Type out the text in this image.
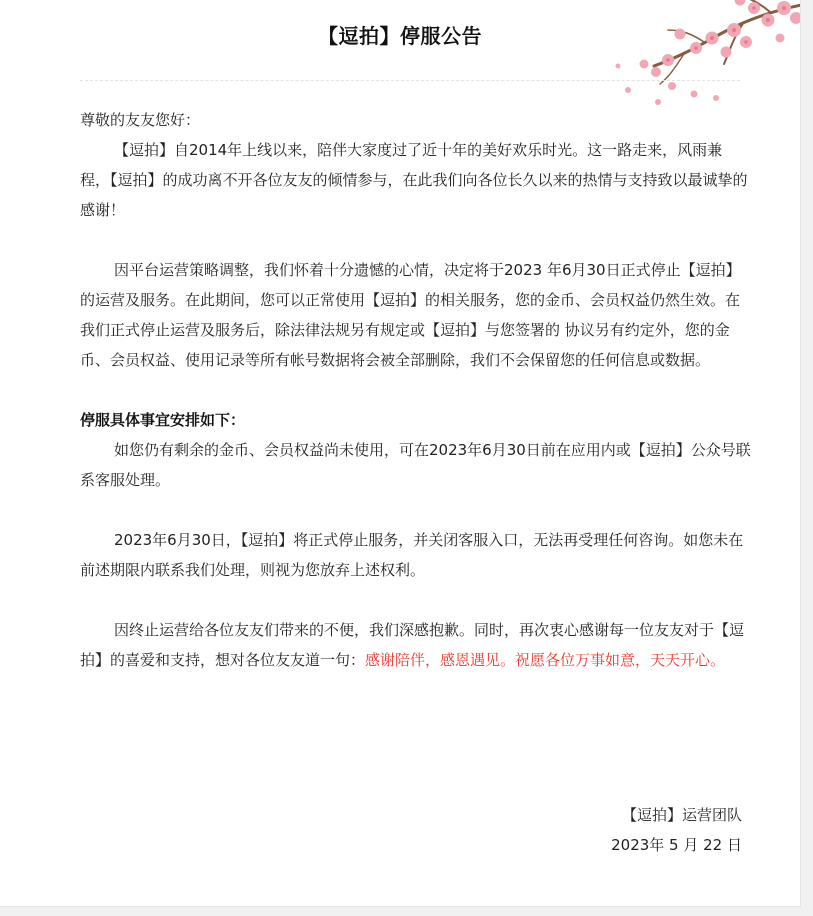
【逗拍】停服公告

尊敬的友友您好：

【逗拍】自2014年上线以来，陪伴大家度过了近十年的美好欢乐时光。这一路走来，风雨兼程，【逗拍】的成功离不开各位友友的倾情参与，在此我们向各位长久以来的热情与支持致以最诚挚的感谢！

因平台运营策略调整，我们怀着十分遗憾的心情，决定将于2023 年6月30日正式停止【逗拍】的运营及服务。在此期间，您可以正常使用【逗拍】的相关服务，您的金币、会员权益仍然生效。在我们正式停止运营及服务后，除法律法规另有规定或【逗拍】与您签署的 协议另有约定外，您的金币、会员权益、使用记录等所有帐号数据将会被全部删除，我们不会保留您的任何信息或数据。

停服具体事宜安排如下：

如您仍有剩余的金币、会员权益尚未使用，可在2023年6月30日前在应用内或【逗拍】公众号联系客服处理。

2023年6月30日，【逗拍】将正式停止服务，并关闭客服入口，无法再受理任何咨询。如您未在前述期限内联系我们处理，则视为您放弃上述权利。

因终止运营给各位友友们带来的不便，我们深感抱歉。同时，再次衷心感谢每一位友友对于【逗拍】的喜爱和支持，想对各位友友道一句：感谢陪伴，感恩遇见。祝愿各位万事如意，天天开心。

【逗拍】运营团队
2023年 5 月 22 日
